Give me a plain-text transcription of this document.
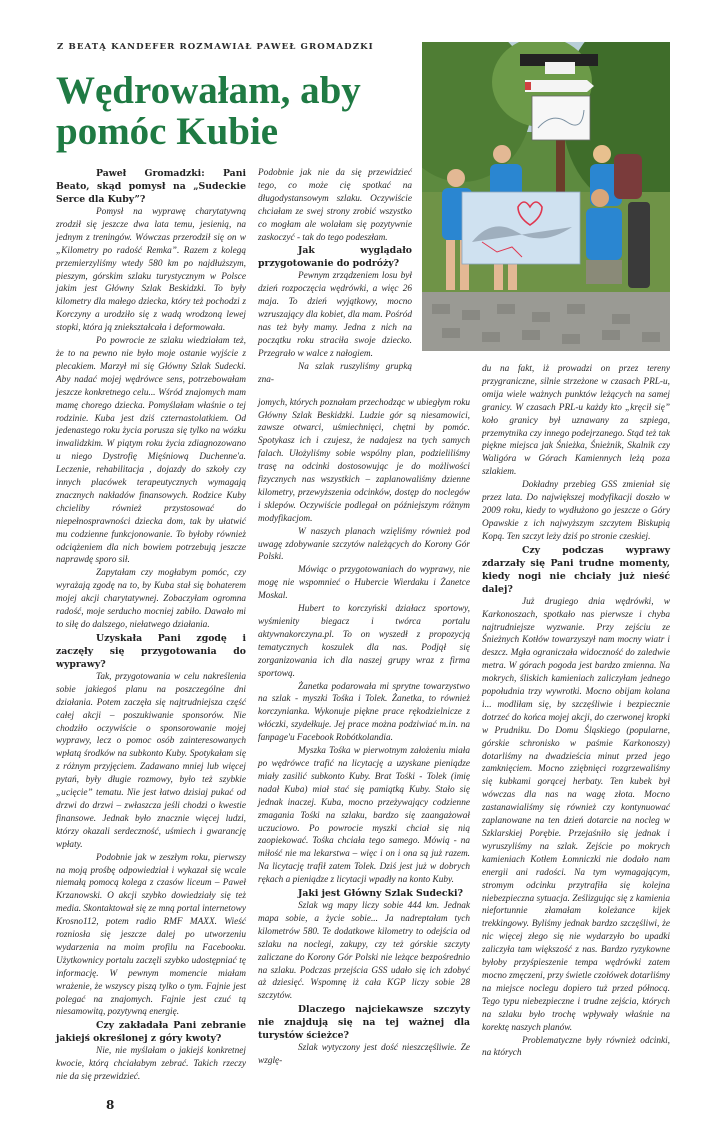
Z BEATĄ KANDEFER ROZMAWIAŁ PAWEŁ GROMADZKI
Wędrowałam, aby pomóc Kubie

Paweł Gromadzki: Pani Beato, skąd pomysł na „Sudeckie Serce dla Kuby”?

Pomysł na wyprawę charytatywną zrodził się jeszcze dwa lata temu, jesienią, na jednym z treningów. Wówczas przerodził się on w „Kilometry po radość Remka”. Razem z kolegą przemierzyliśmy wtedy 580 km po najdłuższym, pieszym, górskim szlaku turystycznym w Polsce jakim jest Główny Szlak Beskidzki. To były kilometry dla małego dziecka, który też pochodzi z Korczyny a urodziło się z wadą wrodzoną lewej stopki, która ją zniekształcała i deformowała.

Po powrocie ze szlaku wiedziałam też, że to na pewno nie było moje ostanie wyjście z plecakiem. Marzył mi się Główny Szlak Sudecki. Aby nadać mojej wędrówce sens, potrzebowałam jeszcze konkretnego celu... Wśród znajomych mam mamę chorego dziecka. Pomyślałam właśnie o tej rodzinie. Kuba jest dziś czternastolatkiem. Od jedenastego roku życia porusza się tylko na wózku inwalidzkim. W piątym roku życia zdiagnozowano u niego Dystrofię Mięśniową Duchenne'a. Leczenie, rehabilitacja , dojazdy do szkoły czy innych placówek terapeutycznych wymagają znacznych nakładów finansowych. Rodzice Kuby chcieliby również przystosować do niepełnosprawności dziecka dom, tak by ułatwić mu codzienne funkcjonowanie. To byłoby również odciążeniem dla nich bowiem potrzebują jeszcze naprawdę sporo sił.

Zapytałam czy mogłabym pomóc, czy wyrażają zgodę na to, by Kuba stał się bohaterem mojej akcji charytatywnej. Zobaczyłam ogromna radość, moje serducho mocniej zabiło. Dawało mi to siłę do dalszego, niełatwego działania.

Uzyskała Pani zgodę i zaczęły się przygotowania do wyprawy?

Tak, przygotowania w celu nakreślenia sobie jakiegoś planu na poszczególne dni działania. Potem zaczęła się najtrudniejsza część całej akcji – poszukiwanie sponsorów. Nie chodziło oczywiście o sponsorowanie mojej wyprawy, lecz o pomoc osób zainteresowanych wpłatą środków na subkonto Kuby. Spotykałam się z różnym przyjęciem. Zadawano mniej lub więcej pytań, były długie rozmowy, było też szybkie „ucięcie” tematu. Nie jest łatwo dzisiaj pukać od drzwi do drzwi – zwłaszcza jeśli chodzi o kwestie finansowe. Jednak było znacznie więcej ludzi, którzy okazali serdeczność, uśmiech i gwarancję wpłaty.

Podobnie jak w zeszłym roku, pierwszy na moją prośbę odpowiedział i wykazał się wcale niemałą pomocą kolega z czasów liceum – Paweł Krzanowski. O akcji szybko dowiedziały się też media. Skontaktował się ze mną portal internetowy Krosno112, potem radio RMF MAXX. Wieść rozniosła się jeszcze dalej po utworzeniu wydarzenia na moim profilu na Facebooku. Użytkownicy portalu zaczęli szybko udostępniać tę informację. W pewnym momencie miałam wrażenie, że wszyscy piszą tylko o tym. Fajnie jest polegać na znajomych. Fajnie jest czuć tą niesamowitą, pozytywną energię.

Czy zakładała Pani zebranie jakiejś określonej z góry kwoty?

Nie, nie myślałam o jakiejś konkretnej kwocie, którą chciałabym zebrać. Takich rzeczy nie da się przewidzieć.

8

Podobnie jak nie da się przewidzieć tego, co może cię spotkać na długodystansowym szlaku. Oczywiście chciałam ze swej strony zrobić wszystko co mogłam ale wolałam się pozytywnie zaskoczyć - tak do tego podeszłam.

Jak wyglądało przygotowanie do podróży?

Pewnym zrządzeniem losu był dzień rozpoczęcia wędrówki, a więc 26 maja. To dzień wyjątkowy, mocno wzruszający dla kobiet, dla mam. Pośród nas też były mamy. Jedna z nich na początku roku straciła swoje dziecko. Przegrało w walce z nałogiem.

Na szlak ruszyliśmy grupką zna-

jomych, których poznałam przechodząc w ubiegłym roku Główny Szlak Beskidzki. Ludzie gór są niesamowici, zawsze otwarci, uśmiechnięci, chętni by pomóc. Spotykasz ich i czujesz, że nadajesz na tych samych falach. Ułożyliśmy sobie wspólny plan, podzieliliśmy trasę na odcinki dostosowując je do możliwości fizycznych nas wszystkich – zaplanowaliśmy dzienne kilometry, przewyższenia odcinków, dostęp do noclegów i sklepów. Oczywiście podlegał on późniejszym różnym modyfikacjom.

W naszych planach wzięliśmy również pod uwagę zdobywanie szczytów należących do Korony Gór Polski.

Mówiąc o przygotowaniach do wyprawy, nie mogę nie wspomnieć o Hubercie Wierdaku i Żanetce Moskal.

Hubert to korczyński działacz sportowy, wyśmienity biegacz i twórca portalu aktywnakorczyna.pl. To on wyszedł z propozycją tematycznych koszulek dla nas. Podjął się zorganizowania ich dla naszej grupy wraz z firma sportową.

Żanetka podarowała mi sprytne towarzystwo na szlak - myszki Tośka i Tolek. Żanetka, to również korczynianka. Wykonuje piękne prace rękodzielnicze z włóczki, szydełkuje. Jej prace można podziwiać m.in. na fanpage'u Facebook Robótkolandia.

Myszka Tośka w pierwotnym założeniu miała po wędrówce trafić na licytację a uzyskane pieniądze miały zasilić subkonto Kuby. Brat Tośki - Tolek (imię nadał Kuba) miał stać się pamiątką Kuby. Stało się jednak inaczej. Kuba, mocno przeżywający codzienne zmagania Tośki na szlaku, bardzo się zaangażował uczuciowo. Po powrocie myszki chciał się nią zaopiekować. Tośka chciała tego samego. Mówią - na miłość nie ma lekarstwa – więc i on i ona są już razem. Na licytację trafił zatem Tolek. Dziś jest już w dobrych rękach a pieniądze z licytacji wpadły na konto Kuby.

Jaki jest Główny Szlak Sudecki?

Szlak wg mapy liczy sobie 444 km. Jednak mapa sobie, a życie sobie... Ja nadreptałam tych kilometrów 580. Te dodatkowe kilometry to odejścia od szlaku na noclegi, zakupy, czy też górskie szczyty zaliczane do Korony Gór Polski nie leżące bezpośrednio na szlaku. Podczas przejścia GSS udało się ich zdobyć aż dziesięć. Wspomnę iż cała KGP liczy sobie 28 szczytów.

Dlaczego najciekawsze szczyty nie znajdują się na tej ważnej dla turystów ścieżce?

Szlak wytyczony jest dość nieszczęśliwie. Ze wzglę-

du na fakt, iż prowadzi on przez tereny przygraniczne, silnie strzeżone w czasach PRL-u, omija wiele ważnych punktów leżących na samej granicy. W czasach PRL-u każdy kto „kręcił się” koło granicy był uznawany za szpiega, przemytnika czy innego podejrzanego. Stąd też tak piękne miejsca jak Śnieżka, Śnieżnik, Skalnik czy Waligóra w Górach Kamiennych leżą poza szlakiem.

Dokładny przebieg GSS zmieniał się przez lata. Do największej modyfikacji doszło w 2009 roku, kiedy to wydłużono go jeszcze o Góry Opawskie z ich najwyższym szczytem Biskupią Kopą. Ten szczyt leży dziś po stronie czeskiej.

Czy podczas wyprawy zdarzały się Pani trudne momenty, kiedy nogi nie chciały już nieść dalej?

Już drugiego dnia wędrówki, w Karkonoszach, spotkało nas pierwsze i chyba najtrudniejsze wyzwanie. Przy zejściu ze Śnieżnych Kotłów towarzyszył nam mocny wiatr i deszcz. Mgła ograniczała widoczność do zaledwie metra. W górach pogoda jest bardzo zmienna. Na mokrych, śliskich kamieniach zaliczyłam jednego popołudnia trzy wywrotki. Mocno obijam kolana i... modliłam się, by szczęśliwie i bezpiecznie dotrzeć do końca mojej akcji, do czerwonej kropki w Prudniku. Do Domu Śląskiego (popularne, górskie schronisko w paśmie Karkonoszy) dotarliśmy na dwadzieścia minut przed jego zamknięciem. Mocno zziębnięci rozgrzewaliśmy się kubkami gorącej herbaty. Ten kubek był wówczas dla nas na wagę złota. Mocno zastanawialiśmy się również czy kontynuować zaplanowane na ten dzień dotarcie na nocleg w Szklarskiej Porębie. Przejaśniło się jednak i wyruszyliśmy na szlak. Zejście po mokrych kamieniach Kotłem Łomniczki nie dodało nam energii ani radości. Na tym wymagającym, stromym odcinku przytrafiła się kolejna niebezpieczna sytuacja. Ześlizgując się z kamienia niefortunnie złamałam koleżance kijek trekkingowy. Byliśmy jednak bardzo szczęśliwi, że nic więcej złego się nie wydarzyło bo upadki zaliczyła tam większość z nas. Bardzo ryzykowne byłoby przyśpieszenie tempa wędrówki zatem mocno zmęczeni, przy świetle czołówek dotarliśmy na miejsce noclegu dopiero tuż przed północą. Tego typu niebezpieczne i trudne zejścia, których na szlaku było trochę wpływały właśnie na korektę naszych planów.

Problematyczne były również odcinki, na których
